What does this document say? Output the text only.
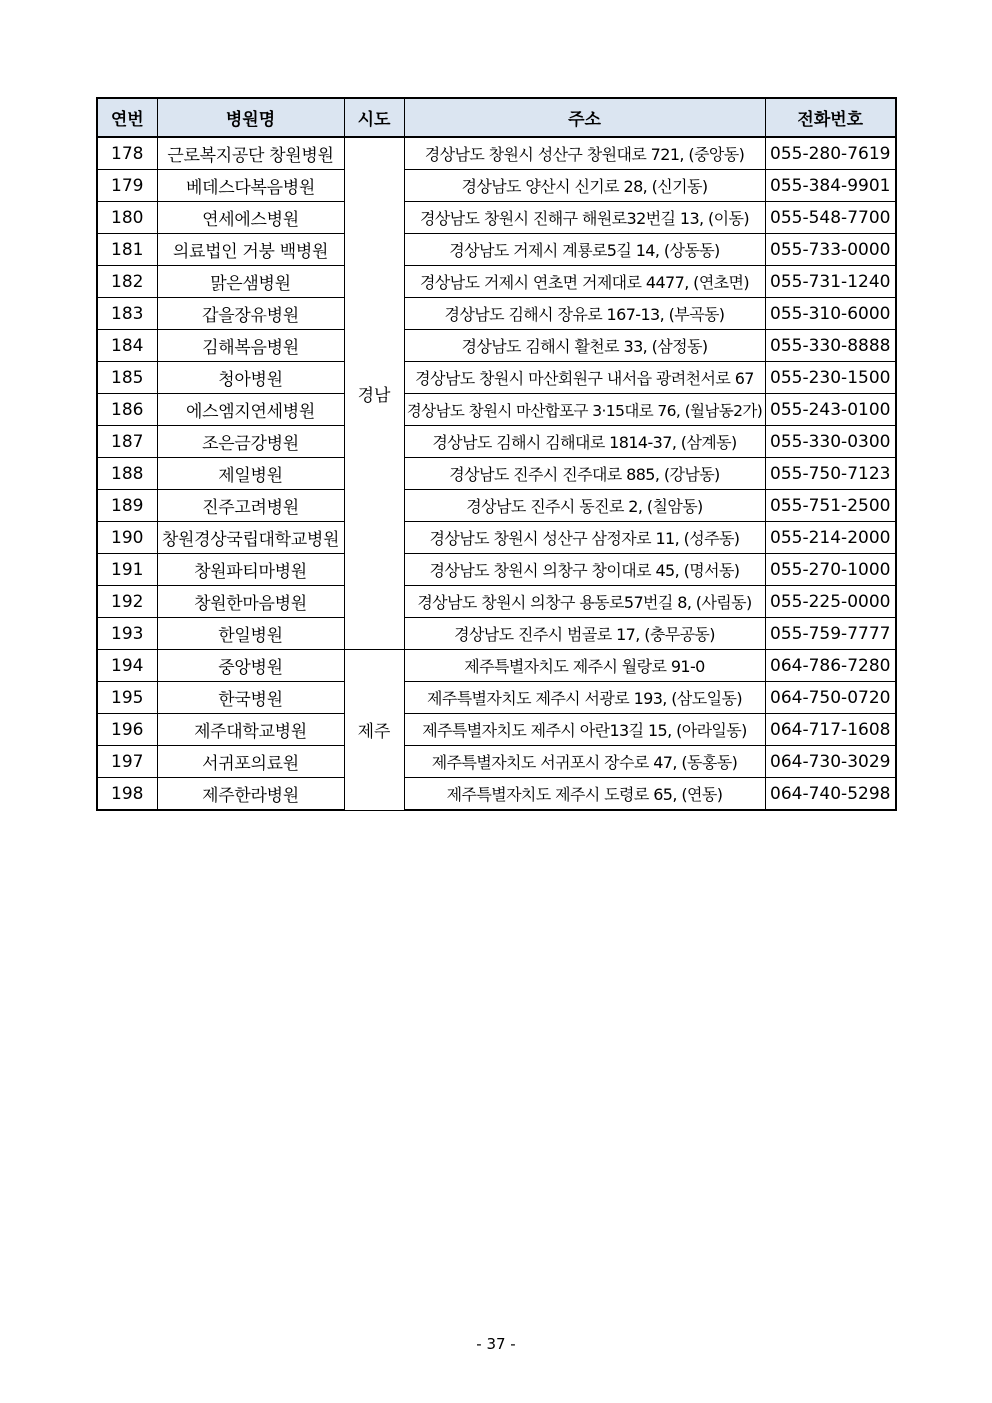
연번	병원명	시도	주소	전화번호
178	근로복지공단 창원병원	경남	경상남도 창원시 성산구 창원대로 721, (중앙동)	055-280-7619
179	베데스다복음병원		경상남도 양산시 신기로 28, (신기동)	055-384-9901
180	연세에스병원		경상남도 창원시 진해구 해원로32번길 13, (이동)	055-548-7700
181	의료법인 거붕 백병원		경상남도 거제시 계룡로5길 14, (상동동)	055-733-0000
182	맑은샘병원		경상남도 거제시 연초면 거제대로 4477, (연초면)	055-731-1240
183	갑을장유병원		경상남도 김해시 장유로 167-13, (부곡동)	055-310-6000
184	김해복음병원		경상남도 김해시 활천로 33, (삼정동)	055-330-8888
185	청아병원		경상남도 창원시 마산회원구 내서읍 광려천서로 67	055-230-1500
186	에스엠지연세병원		경상남도 창원시 마산합포구 3·15대로 76, (월남동2가)	055-243-0100
187	조은금강병원		경상남도 김해시 김해대로 1814-37, (삼계동)	055-330-0300
188	제일병원		경상남도 진주시 진주대로 885, (강남동)	055-750-7123
189	진주고려병원		경상남도 진주시 동진로 2, (칠암동)	055-751-2500
190	창원경상국립대학교병원		경상남도 창원시 성산구 삼정자로 11, (성주동)	055-214-2000
191	창원파티마병원		경상남도 창원시 의창구 창이대로 45, (명서동)	055-270-1000
192	창원한마음병원		경상남도 창원시 의창구 용동로57번길 8, (사림동)	055-225-0000
193	한일병원		경상남도 진주시 범골로 17, (충무공동)	055-759-7777
194	중앙병원	제주	제주특별자치도 제주시 월랑로 91-0	064-786-7280
195	한국병원		제주특별자치도 제주시 서광로 193, (삼도일동)	064-750-0720
196	제주대학교병원		제주특별자치도 제주시 아란13길 15, (아라일동)	064-717-1608
197	서귀포의료원		제주특별자치도 서귀포시 장수로 47, (동홍동)	064-730-3029
198	제주한라병원		제주특별자치도 제주시 도령로 65, (연동)	064-740-5298
- 37 -
